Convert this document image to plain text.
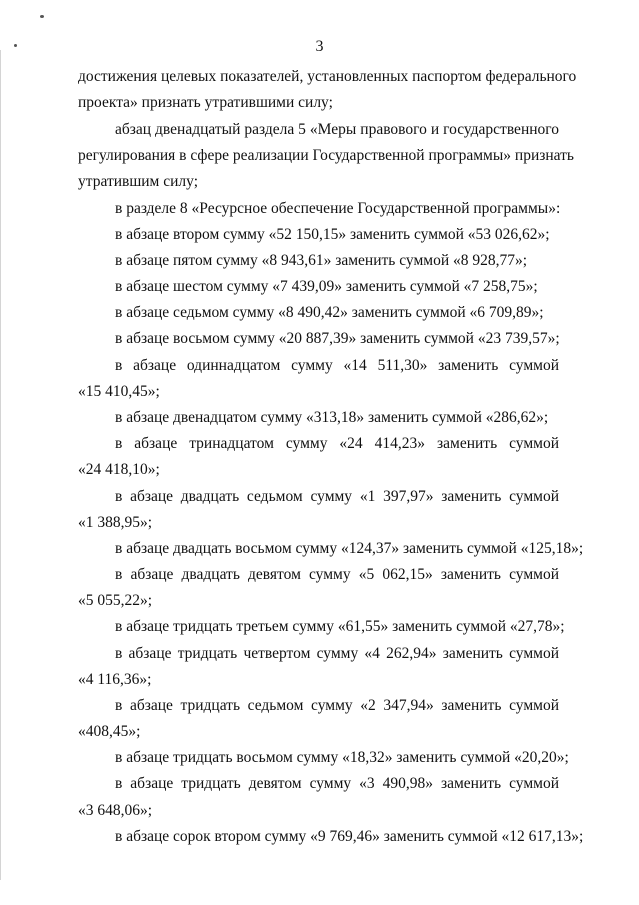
3
достижения целевых показателей, установленных паспортом федерального
проекта» признать утратившими силу;
абзац двенадцатый раздела 5 «Меры правового и государственного
регулирования в сфере реализации Государственной программы» признать
утратившим силу;
в разделе 8 «Ресурсное обеспечение Государственной программы»:
в абзаце втором сумму «52 150,15» заменить суммой «53 026,62»;
в абзаце пятом сумму «8 943,61» заменить суммой «8 928,77»;
в абзаце шестом сумму «7 439,09» заменить суммой «7 258,75»;
в абзаце седьмом сумму «8 490,42» заменить суммой «6 709,89»;
в абзаце восьмом сумму «20 887,39» заменить суммой «23 739,57»;
в абзаце одиннадцатом сумму «14 511,30» заменить суммой
«15 410,45»;
в абзаце двенадцатом сумму «313,18» заменить суммой «286,62»;
в абзаце тринадцатом сумму «24 414,23» заменить суммой
«24 418,10»;
в абзаце двадцать седьмом сумму «1 397,97» заменить суммой
«1 388,95»;
в абзаце двадцать восьмом сумму «124,37» заменить суммой «125,18»;
в абзаце двадцать девятом сумму «5 062,15» заменить суммой
«5 055,22»;
в абзаце тридцать третьем сумму «61,55» заменить суммой «27,78»;
в абзаце тридцать четвертом сумму «4 262,94» заменить суммой
«4 116,36»;
в абзаце тридцать седьмом сумму «2 347,94» заменить суммой
«408,45»;
в абзаце тридцать восьмом сумму «18,32» заменить суммой «20,20»;
в абзаце тридцать девятом сумму «3 490,98» заменить суммой
«3 648,06»;
в абзаце сорок втором сумму «9 769,46» заменить суммой «12 617,13»;
